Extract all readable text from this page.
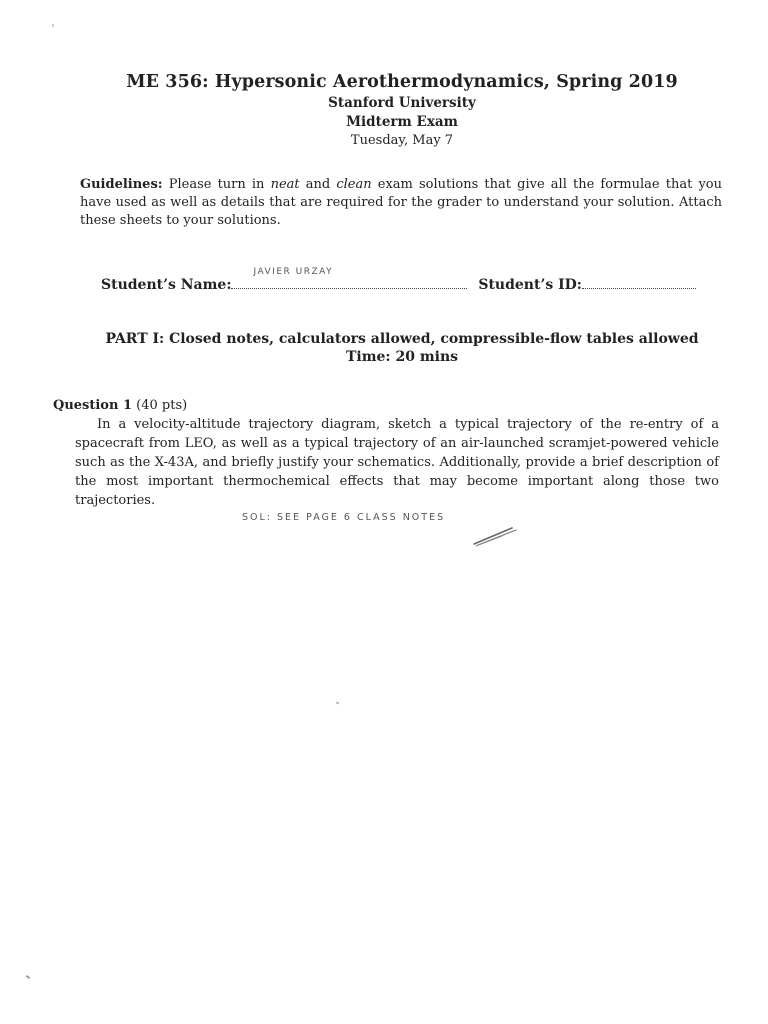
ME 356: Hypersonic Aerothermodynamics, Spring 2019
Stanford University
Midterm Exam
Tuesday, May 7
Guidelines: Please turn in neat and clean exam solutions that give all the formulae that you have used as well as details that are required for the grader to understand your solution. Attach these sheets to your solutions.
Student’s Name:
JAVIER URZAY
Student’s ID:
PART I: Closed notes, calculators allowed, compressible-flow tables allowed
Time: 20 mins
Question 1 (40 pts)
In a velocity-altitude trajectory diagram, sketch a typical trajectory of the re-entry of a spacecraft from LEO, as well as a typical trajectory of an air-launched scramjet-powered vehicle such as the X-43A, and briefly justify your schematics. Additionally, provide a brief description of the most important thermochemical effects that may become important along those two trajectories.
SOL: SEE PAGE 6 CLASS NOTES
